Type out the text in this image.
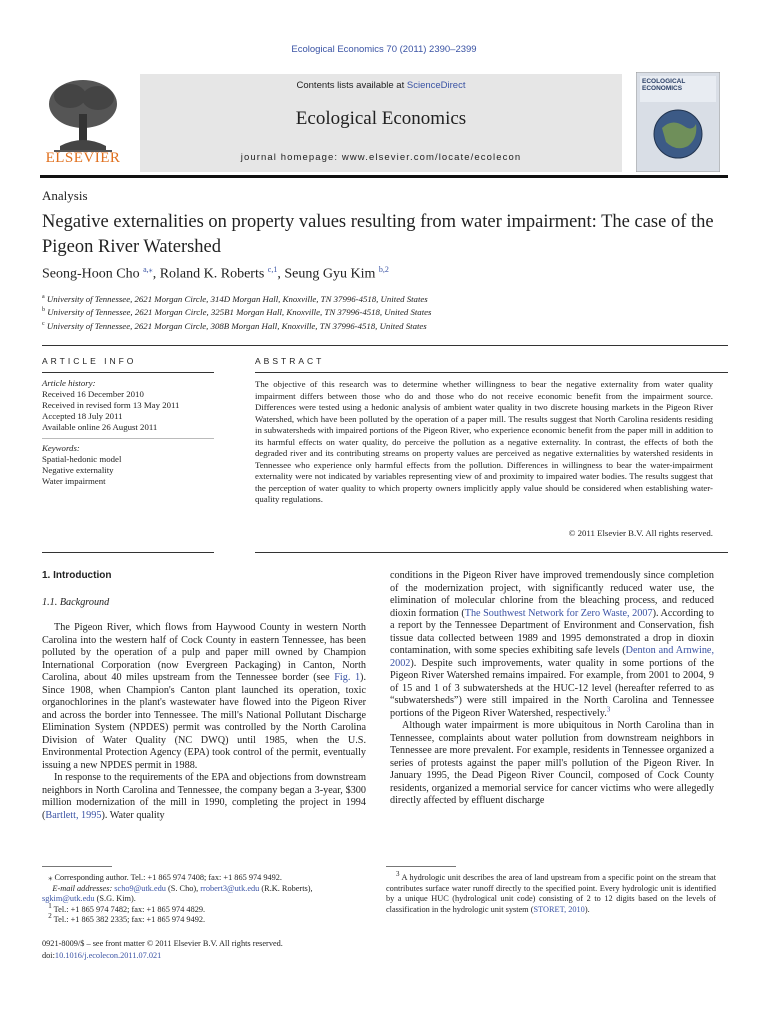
Ecological Economics 70 (2011) 2390–2399
ELSEVIER
Contents lists available at ScienceDirect
Ecological Economics
journal homepage: www.elsevier.com/locate/ecolecon
ECOLOGICAL ECONOMICS
Analysis
Negative externalities on property values resulting from water impairment: The case of the Pigeon River Watershed
Seong-Hoon Cho $^{a,⁎}$, Roland K. Roberts $^{c,1}$, Seung Gyu Kim $^{b,2}$
$^a$ University of Tennessee, 2621 Morgan Circle, 314D Morgan Hall, Knoxville, TN 37996-4518, United States
$^b$ University of Tennessee, 2621 Morgan Circle, 325B1 Morgan Hall, Knoxville, TN 37996-4518, United States
$^c$ University of Tennessee, 2621 Morgan Circle, 308B Morgan Hall, Knoxville, TN 37996-4518, United States
ARTICLE INFO	ABSTRACT
Article history:
Received 16 December 2010
Received in revised form 13 May 2011
Accepted 18 July 2011
Available online 26 August 2011
Keywords:
Spatial-hedonic model
Negative externality
Water impairment
The objective of this research was to determine whether willingness to bear the negative externality from water quality impairment differs between those who do and those who do not receive economic benefit from the impairment source. Differences were tested using a hedonic analysis of ambient water quality in two discrete housing markets in the Pigeon River Watershed, which have been polluted by the operation of a paper mill. The results suggest that North Carolina residents residing in subwatersheds with impaired portions of the Pigeon River, who experience economic benefit from the paper mill in addition to its harmful effects on water quality, do perceive the pollution as a negative externality. In contrast, the effects of both the degraded river and its contributing streams on property values are perceived as negative externalities by watershed residents in Tennessee who experience only harmful effects from the pollution. Differences in willingness to bear the water-impairment externality were not indicated by variables representing view of and proximity to impaired water bodies. The results suggest that the perception of water quality to which property owners implicitly apply value should be considered when establishing water-quality regulations.
© 2011 Elsevier B.V. All rights reserved.
1. Introduction
1.1. Background

The Pigeon River, which flows from Haywood County in western North Carolina into the western half of Cock County in eastern Tennessee, has been polluted by the operation of a pulp and paper mill owned by Champion International Corporation (now Evergreen Packaging) in Canton, North Carolina, about 40 miles upstream from the Tennessee border (see Fig. 1). Since 1908, when Champion's Canton plant launched its operation, toxic organochlorines in the plant's wastewater have flowed into the Pigeon River and across the border into Tennessee. The mill's National Pollutant Discharge Elimination System (NPDES) permit was controlled by the North Carolina Division of Water Quality (NC DWQ) until 1985, when the U.S. Environmental Protection Agency (EPA) took control of the permit, eventually issuing a new NPDES permit in 1988.

In response to the requirements of the EPA and objections from downstream neighbors in North Carolina and Tennessee, the company began a 3-year, $300 million modernization of the mill in 1990, completing the project in 1994 (Bartlett, 1995). Water quality

conditions in the Pigeon River have improved tremendously since completion of the modernization project, with significantly reduced water use, the elimination of molecular chlorine from the bleaching process, and reduced dioxin formation (The Southwest Network for Zero Waste, 2007). According to a report by the Tennessee Department of Environment and Conservation, fish tissue data collected between 1989 and 1995 demonstrated a drop in dioxin contamination, with some species exhibiting safe levels (Denton and Arnwine, 2002). Despite such improvements, water quality in some portions of the Pigeon River Watershed remains impaired. For example, from 2001 to 2004, 9 of 15 and 1 of 3 subwatersheds at the HUC-12 level (hereafter referred to as “subwatersheds”) were still impaired in the North Carolina and Tennessee portions of the Pigeon River Watershed, respectively.$^3$

Although water impairment is more ubiquitous in North Carolina than in Tennessee, complaints about water pollution from downstream neighbors in Tennessee are more prevalent. For example, residents in Tennessee organized a series of protests against the paper mill's pollution of the Pigeon River. In January 1995, the Dead Pigeon River Council, composed of Cock County residents, organized a memorial service for cancer victims who were allegedly directly affected by effluent discharge

⁎ Corresponding author. Tel.: +1 865 974 7408; fax: +1 865 974 9492.
E-mail addresses: scho9@utk.edu (S. Cho), rrobert3@utk.edu (R.K. Roberts),
sgkim@utk.edu (S.G. Kim).
$^1$ Tel.: +1 865 974 7482; fax: +1 865 974 4829.
$^2$ Tel.: +1 865 382 2335; fax: +1 865 974 9492.
0921-8009/$ – see front matter © 2011 Elsevier B.V. All rights reserved.
doi:10.1016/j.ecolecon.2011.07.021

$^3$ A hydrologic unit describes the area of land upstream from a specific point on the stream that contributes surface water runoff directly to the specified point. Every hydrologic unit is identified by a unique HUC (hydrological unit code) consisting of 2 to 12 digits based on the levels of classification in the hydrologic unit system (STORET, 2010).
